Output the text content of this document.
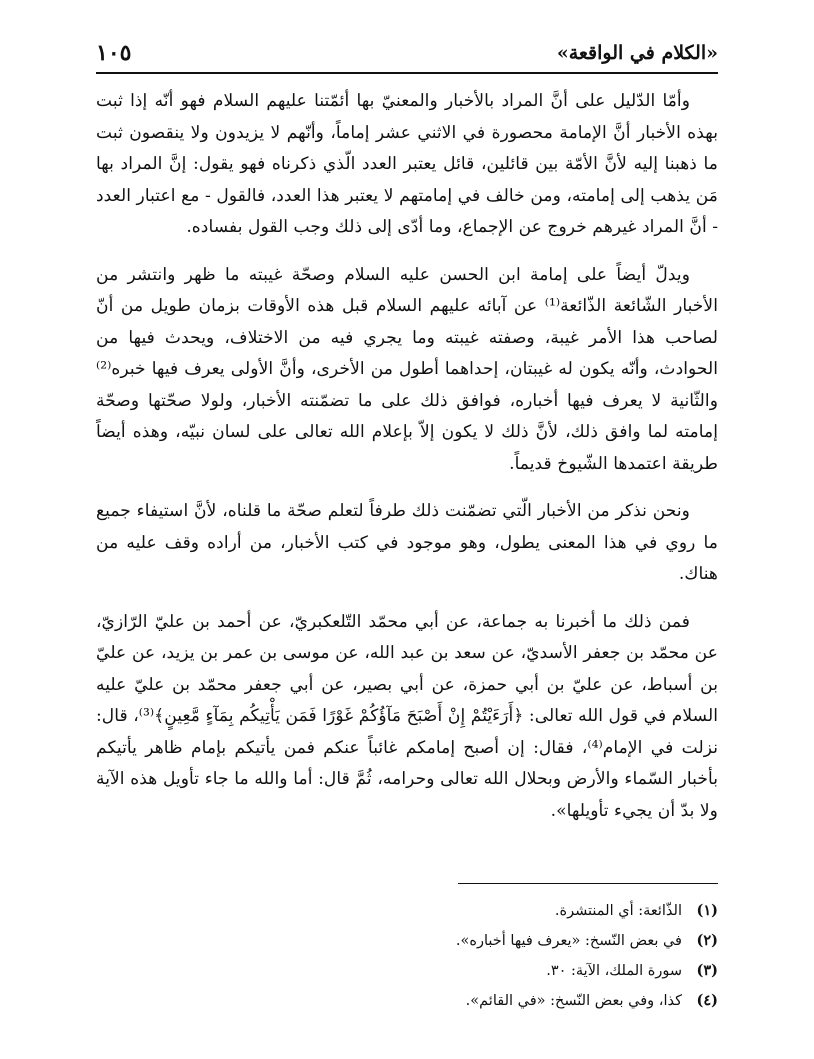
«الكلام في الواقعة»
١٠٥

وأمّا الدّليل على أنَّ المراد بالأخبار والمعنيّ بها أئمّتنا عليهم السلام فهو أنّه إذا ثبت بهذه الأخبار أنَّ الإمامة محصورة في الاثني عشر إماماً، وأنّهم لا يزيدون ولا ينقصون ثبت ما ذهبنا إليه لأنَّ الأمّة بين قائلين، قائل يعتبر العدد الّذي ذكرناه فهو يقول: إنَّ المراد بها مَن يذهب إلى إمامته، ومن خالف في إمامتهم لا يعتبر هذا العدد، فالقول - مع اعتبار العدد - أنَّ المراد غيرهم خروج عن الإجماع، وما أدّى إلى ذلك وجب القول بفساده.

ويدلّ أيضاً على إمامة ابن الحسن عليه السلام وصحّة غيبته ما ظهر وانتشر من الأخبار الشّائعة الذّائعة⁽¹⁾ عن آبائه عليهم السلام قبل هذه الأوقات بزمان طويل من أنّ لصاحب هذا الأمر غيبة، وصفته غيبته وما يجري فيه من الاختلاف، ويحدث فيها من الحوادث، وأنّه يكون له غيبتان، إحداهما أطول من الأخرى، وأنَّ الأولى يعرف فيها خبره⁽²⁾ والثّانية لا يعرف فيها أخباره، فوافق ذلك على ما تضمّنته الأخبار، ولولا صحّتها وصحّة إمامته لما وافق ذلك، لأنَّ ذلك لا يكون إلاّ بإعلام الله تعالى على لسان نبيّه، وهذه أيضاً طريقة اعتمدها الشّيوخ قديماً.

ونحن نذكر من الأخبار الّتي تضمّنت ذلك طرفاً لتعلم صحّة ما قلناه، لأنَّ استيفاء جميع ما روي في هذا المعنى يطول، وهو موجود في كتب الأخبار، من أراده وقف عليه من هناك.

فمن ذلك ما أخبرنا به جماعة، عن أبي محمّد التّلعكبريّ، عن أحمد بن عليّ الرّازيّ، عن محمّد بن جعفر الأسديّ، عن سعد بن عبد الله، عن موسى بن عمر بن يزيد، عن عليّ بن أسباط، عن عليّ بن أبي حمزة، عن أبي بصير، عن أبي جعفر محمّد بن عليّ عليه السلام في قول الله تعالى: ﴿أَرَءَيْتُمْ إِنْ أَصْبَحَ مَآؤُكُمْ غَوْرًا فَمَن يَأْتِيكُم بِمَآءٍ مَّعِينٍ﴾⁽³⁾، قال: نزلت في الإمام⁽⁴⁾، فقال: إن أصبح إمامكم غائباً عنكم فمن يأتيكم بإمام ظاهر يأتيكم بأخبار السّماء والأرض وبحلال الله تعالى وحرامه، ثُمَّ قال: أما والله ما جاء تأويل هذه الآية ولا بدّ أن يجيء تأويلها».

(١)
الذّائعة: أي المنتشرة.
(٢)
في بعض النّسخ: «يعرف فيها أخباره».
(٣)
سورة الملك، الآية: ٣٠.
(٤)
كذا، وفي بعض النّسخ: «في القائم».
